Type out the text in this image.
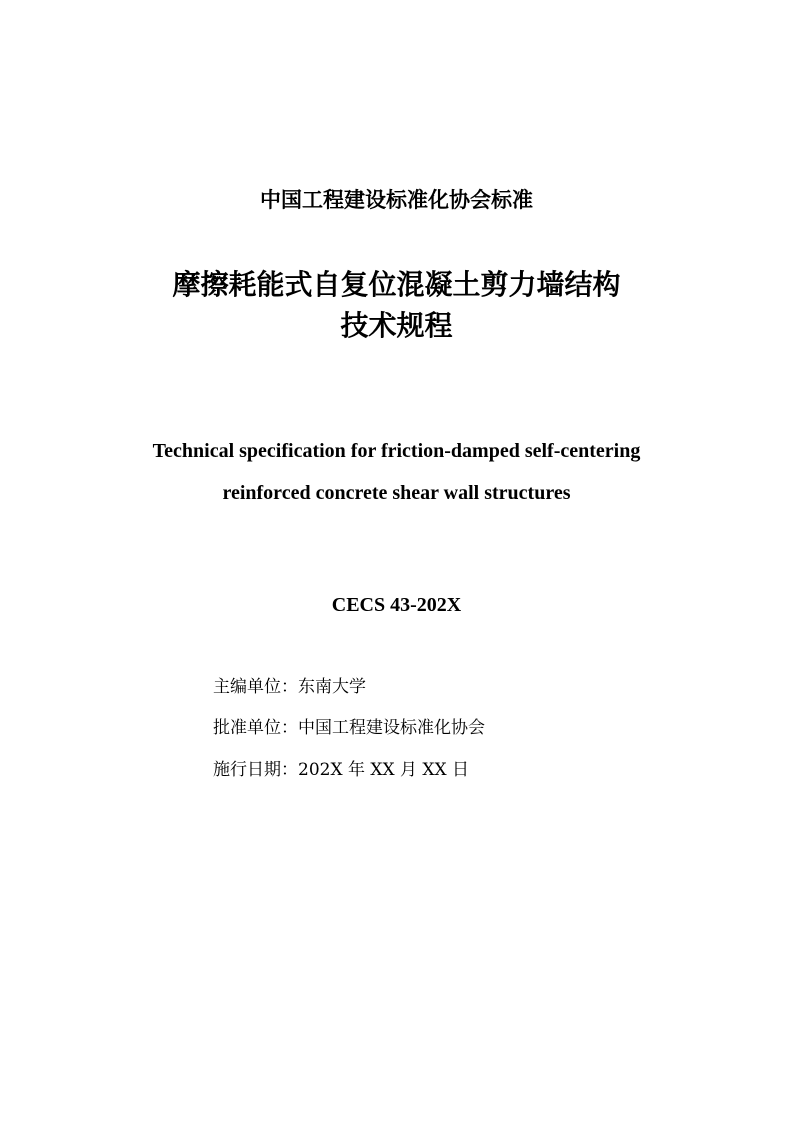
中国工程建设标准化协会标准
摩擦耗能式自复位混凝土剪力墙结构
技术规程
Technical specification for friction-damped self-centering
reinforced concrete shear wall structures
CECS 43-202X
主编单位：东南大学
批准单位：中国工程建设标准化协会
施行日期：202X 年 XX 月 XX 日
